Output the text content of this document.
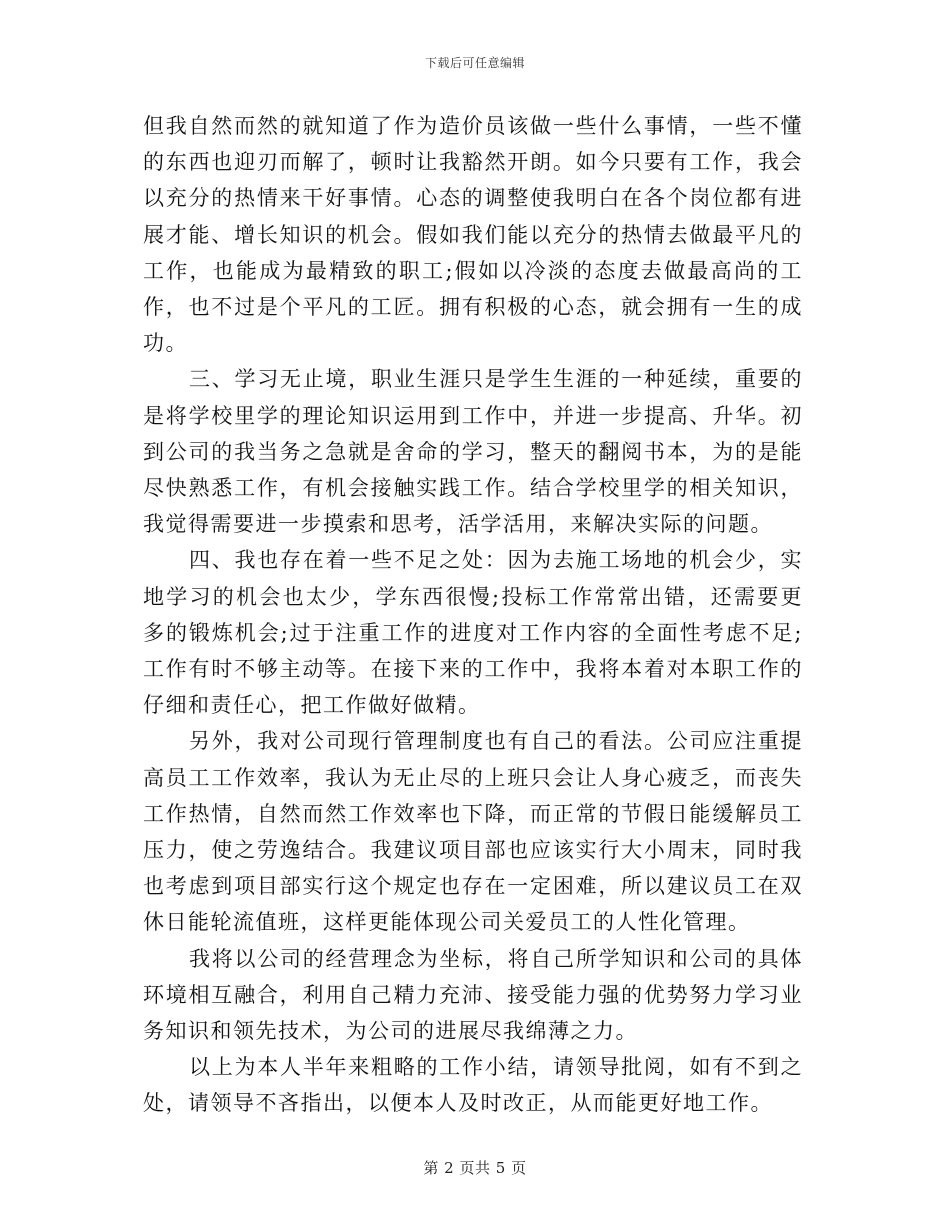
下载后可任意编辑

但我自然而然的就知道了作为造价员该做一些什么事情，一些不懂的东西也迎刃而解了，顿时让我豁然开朗。如今只要有工作，我会以充分的热情来干好事情。心态的调整使我明白在各个岗位都有进展才能、增长知识的机会。假如我们能以充分的热情去做最平凡的工作，也能成为最精致的职工;假如以冷淡的态度去做最高尚的工作，也不过是个平凡的工匠。拥有积极的心态，就会拥有一生的成功。

三、学习无止境，职业生涯只是学生生涯的一种延续，重要的是将学校里学的理论知识运用到工作中，并进一步提高、升华。初到公司的我当务之急就是舍命的学习，整天的翻阅书本，为的是能尽快熟悉工作，有机会接触实践工作。结合学校里学的相关知识，我觉得需要进一步摸索和思考，活学活用，来解决实际的问题。

四、我也存在着一些不足之处：因为去施工场地的机会少，实地学习的机会也太少，学东西很慢;投标工作常常出错，还需要更多的锻炼机会;过于注重工作的进度对工作内容的全面性考虑不足;工作有时不够主动等。在接下来的工作中，我将本着对本职工作的仔细和责任心，把工作做好做精。

另外，我对公司现行管理制度也有自己的看法。公司应注重提高员工工作效率，我认为无止尽的上班只会让人身心疲乏，而丧失工作热情，自然而然工作效率也下降，而正常的节假日能缓解员工压力，使之劳逸结合。我建议项目部也应该实行大小周末，同时我也考虑到项目部实行这个规定也存在一定困难，所以建议员工在双休日能轮流值班，这样更能体现公司关爱员工的人性化管理。

我将以公司的经营理念为坐标，将自己所学知识和公司的具体环境相互融合，利用自己精力充沛、接受能力强的优势努力学习业务知识和领先技术，为公司的进展尽我绵薄之力。

以上为本人半年来粗略的工作小结，请领导批阅，如有不到之处，请领导不吝指出，以便本人及时改正，从而能更好地工作。

第 2 页共 5 页
